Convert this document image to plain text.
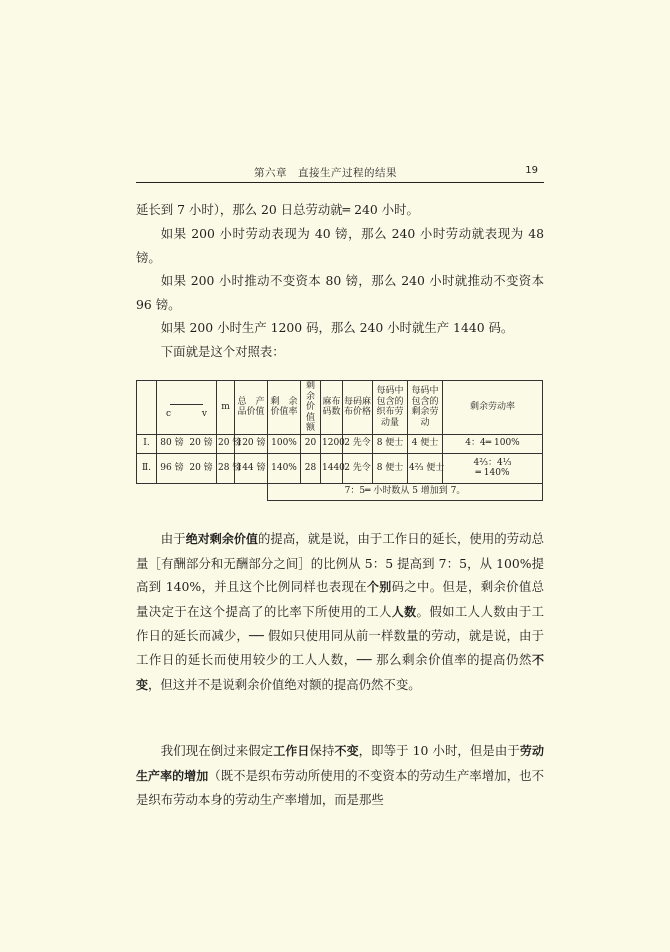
第六章　直接生产过程的结果	19

延长到 7 小时），那么 20 日总劳动就═ 240 小时。

如果 200 小时劳动表现为 40 镑，那么 240 小时劳动就表现为 48 镑。

如果 200 小时推动不变资本 80 镑，那么 240 小时就推动不变资本 96 镑。

如果 200 小时生产 1200 码，那么 240 小时就生产 1440 码。

下面就是这个对照表：

	c v	m	总　产品价值	剩　余价值率	剩余价值额	麻布码数	每码麻布价格	每码中包含的织布劳动量	每码中包含的剩余劳动	剩余劳动率
Ⅰ.	80 镑 20 镑	20 镑	120 镑	100%	20	1200	2 先令	8 便士	4 便士	4：4═ 100%
Ⅱ.	96 镑 20 镑	28 镑	144 镑	140%	28	1440	2 先令	8 便士	4⅔ 便士	4⅔：4⅓
═ 140%
				7：5═ 小时数从 5 增加到 7。						

由于绝对剩余价值的提高，就是说，由于工作日的延长，使用的劳动总量［有酬部分和无酬部分之间］的比例从 5：5 提高到 7：5，从 100%提高到 140%，并且这个比例同样也表现在个别码之中。但是，剩余价值总量决定于在这个提高了的比率下所使用的工人人数。假如工人人数由于工作日的延长而减少，── 假如只使用同从前一样数量的劳动，就是说，由于工作日的延长而使用较少的工人人数，── 那么剩余价值率的提高仍然不变，但这并不是说剩余价值绝对额的提高仍然不变。

我们现在倒过来假定工作日保持不变，即等于 10 小时，但是由于劳动生产率的增加（既不是织布劳动所使用的不变资本的劳动生产率增加，也不是织布劳动本身的劳动生产率增加，而是那些
